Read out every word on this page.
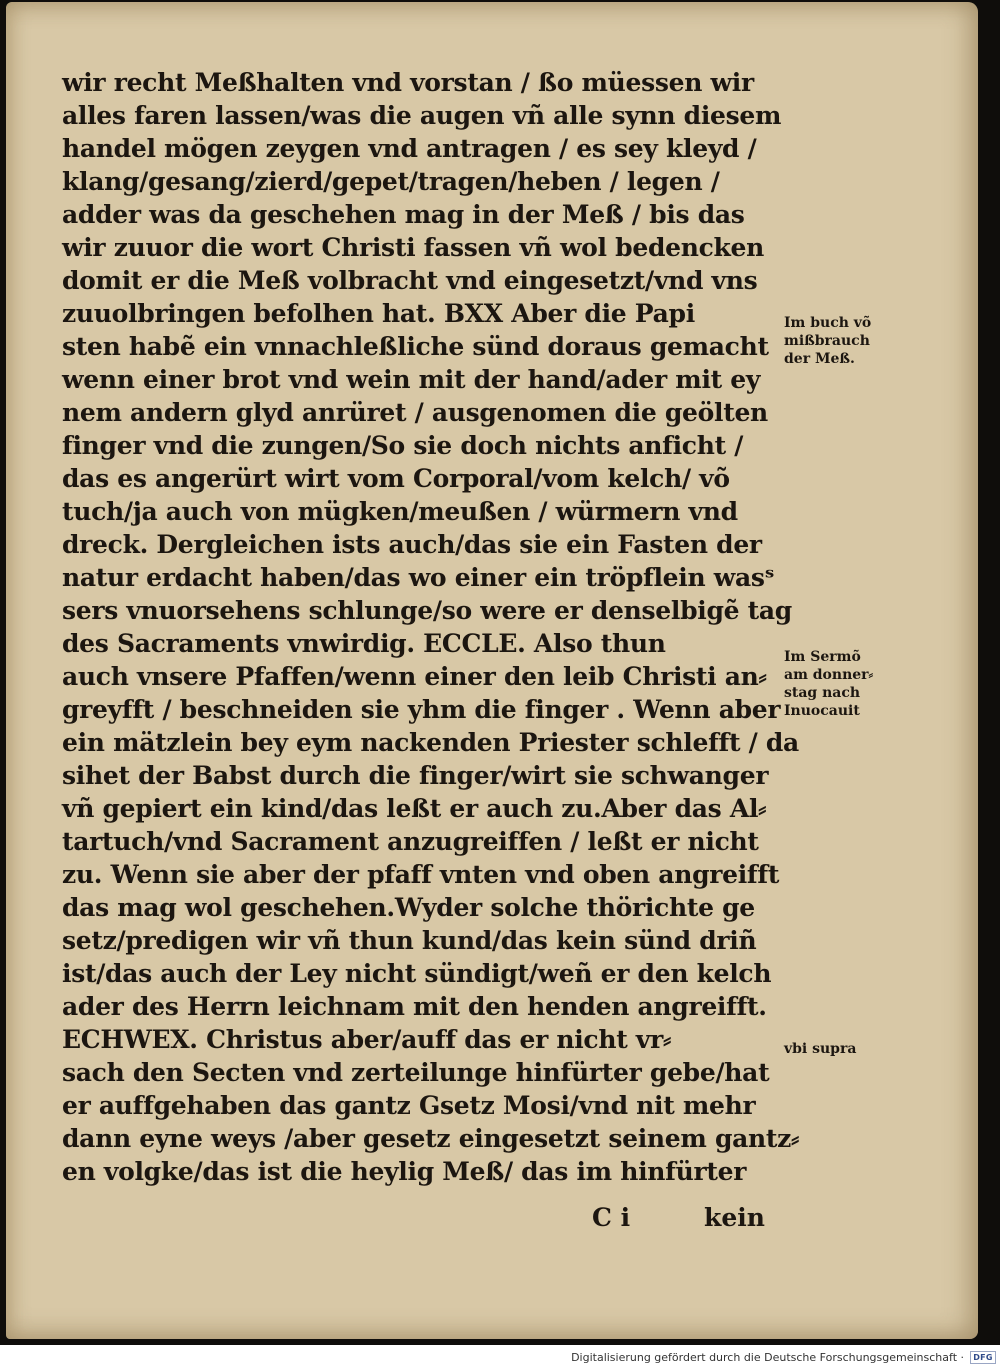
wir recht Meßhalten vnd vorstan / ßo müessen wir
alles faren lassen/was die augen vñ alle synn diesem
handel mögen zeygen vnd antragen / es sey kleyd /
klang/gesang/zierd/gepet/tragen/heben / legen /
adder was da geschehen mag in der Meß / bis das
wir zuuor die wort Christi fassen vñ wol bedencken
domit er die Meß volbracht vnd eingesetzt/vnd vns
zuuolbringen befolhen hat. BXX Aber die Papi
sten habẽ ein vnnachleßliche sünd doraus gemacht
wenn einer brot vnd wein mit der hand/ader mit ey
nem andern glyd anrüret / ausgenomen die geölten
finger vnd die zungen/So sie doch nichts anficht /
das es angerürt wirt vom Corporal/vom kelch/ võ
tuch/ja auch von mügken/meußen / würmern vnd
dreck. Dergleichen ists auch/das sie ein Fasten der
natur erdacht haben/das wo einer ein tröpflein wasˢ
sers vnuorsehens schlunge/so were er denselbigẽ tag
des Sacraments vnwirdig. ECCLE. Also thun
auch vnsere Pfaffen/wenn einer den leib Christi an⸗
greyfft / beschneiden sie yhm die finger . Wenn aber
ein mätzlein bey eym nackenden Priester schlefft / da
sihet der Babst durch die finger/wirt sie schwanger
vñ gepiert ein kind/das leßt er auch zu.Aber das Al⸗
tartuch/vnd Sacrament anzugreiffen / leßt er nicht
zu. Wenn sie aber der pfaff vnten vnd oben angreifft
das mag wol geschehen.Wyder solche thörichte ge
setz/predigen wir vñ thun kund/das kein sünd driñ
ist/das auch der Ley nicht sündigt/weñ er den kelch
ader des Herrn leichnam mit den henden angreifft.
ECHWEX. Christus aber/auff das er nicht vr⸗
sach den Secten vnd zerteilunge hinfürter gebe/hat
er auffgehaben das gantz Gsetz Mosi/vnd nit mehr
dann eyne weys /aber gesetz eingesetzt seinem gantz⸗
en volgke/das ist die heylig Meß/ das im hinfürter
Im buch võ
mißbrauch
der Meß.
Im Sermõ
am donner⸗
stag nach
Inuocauit
vbi supra
C i	kein
Digitalisierung gefördert durch die Deutsche Forschungsgemeinschaft ·	DFG
